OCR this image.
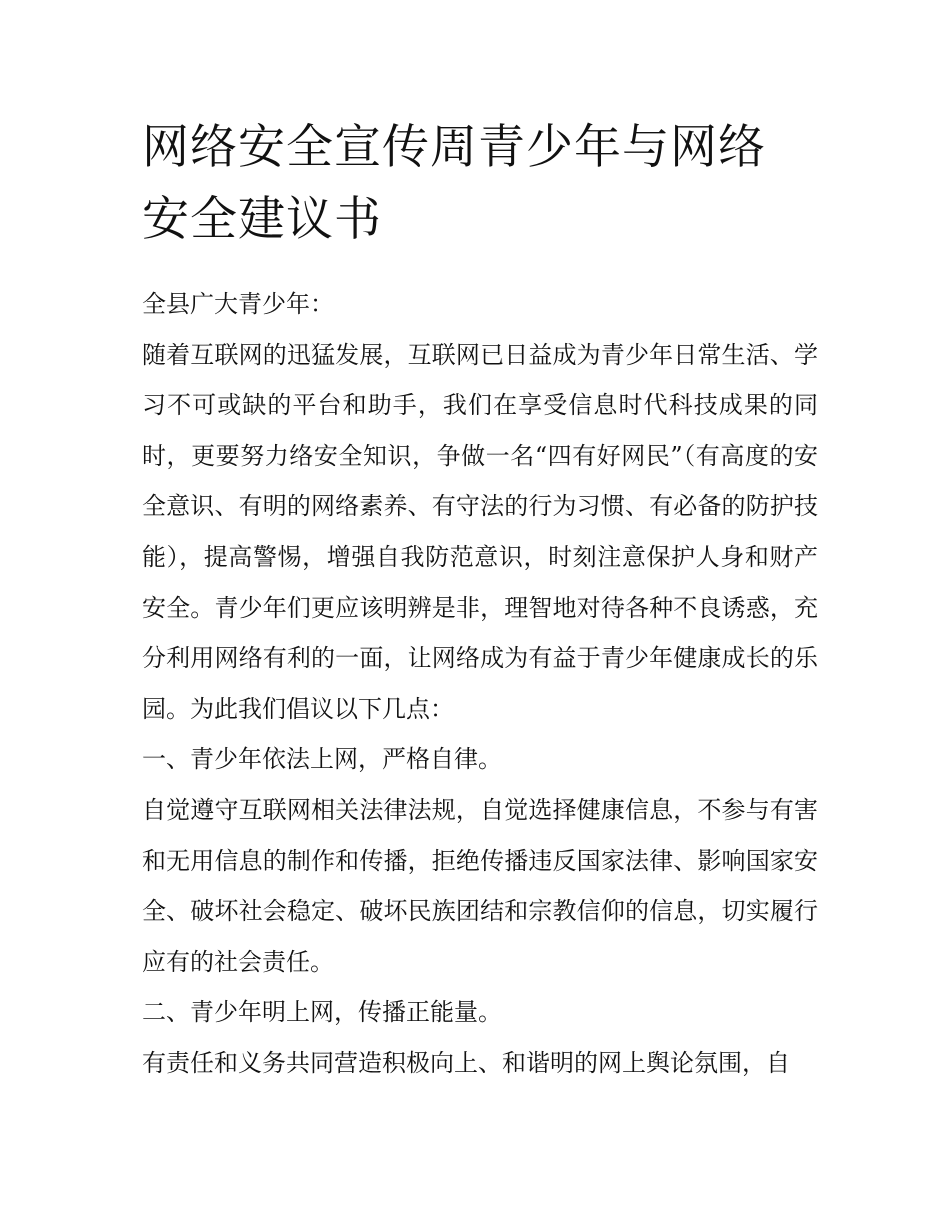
网络安全宣传周青少年与网络安全建议书

全县广大青少年：

随着互联网的迅猛发展，互联网已日益成为青少年日常生活、学习不可或缺的平台和助手，我们在享受信息时代科技成果的同时，更要努力络安全知识，争做一名“四有好网民”（有高度的安全意识、有明的网络素养、有守法的行为习惯、有必备的防护技能），提高警惕，增强自我防范意识，时刻注意保护人身和财产安全。青少年们更应该明辨是非，理智地对待各种不良诱惑，充分利用网络有利的一面，让网络成为有益于青少年健康成长的乐园。为此我们倡议以下几点：

一、青少年依法上网，严格自律。

自觉遵守互联网相关法律法规，自觉选择健康信息，不参与有害和无用信息的制作和传播，拒绝传播违反国家法律、影响国家安全、破坏社会稳定、破坏民族团结和宗教信仰的信息，切实履行应有的社会责任。

二、青少年明上网，传播正能量。

有责任和义务共同营造积极向上、和谐明的网上舆论氛围，自
